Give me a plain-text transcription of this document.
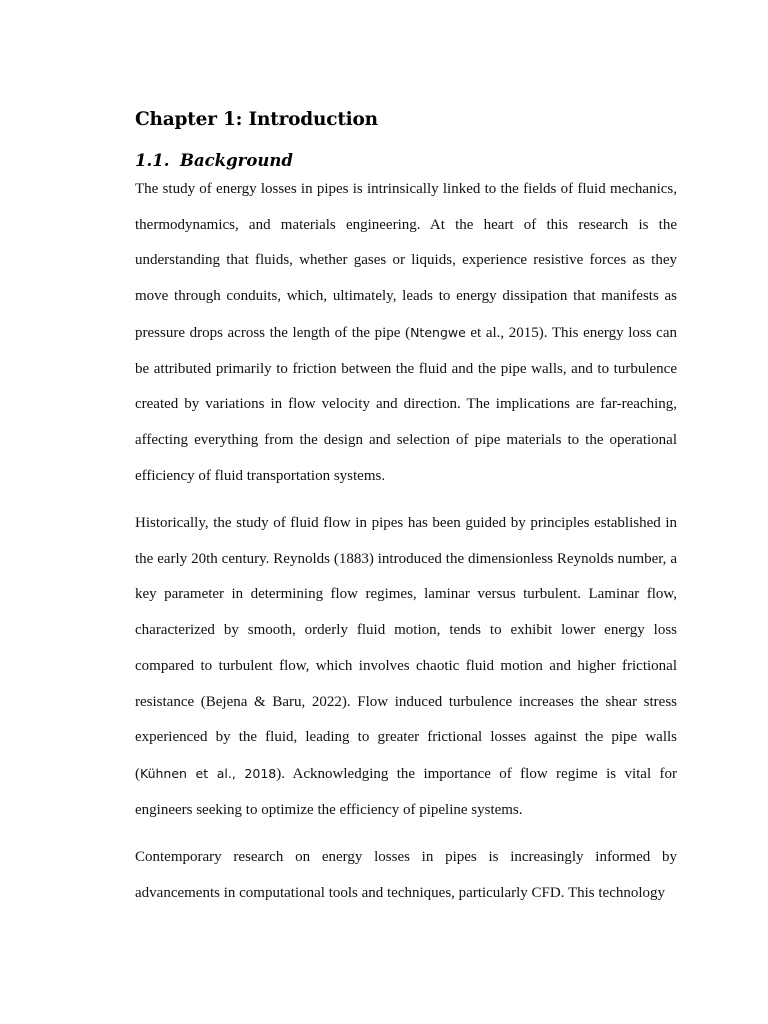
Chapter 1: Introduction
1.1. Background

The study of energy losses in pipes is intrinsically linked to the fields of fluid mechanics, thermodynamics, and materials engineering. At the heart of this research is the understanding that fluids, whether gases or liquids, experience resistive forces as they move through conduits, which, ultimately, leads to energy dissipation that manifests as pressure drops across the length of the pipe (Ntengwe et al., 2015). This energy loss can be attributed primarily to friction between the fluid and the pipe walls, and to turbulence created by variations in flow velocity and direction. The implications are far-reaching, affecting everything from the design and selection of pipe materials to the operational efficiency of fluid transportation systems.

Historically, the study of fluid flow in pipes has been guided by principles established in the early 20th century. Reynolds (1883) introduced the dimensionless Reynolds number, a key parameter in determining flow regimes, laminar versus turbulent. Laminar flow, characterized by smooth, orderly fluid motion, tends to exhibit lower energy loss compared to turbulent flow, which involves chaotic fluid motion and higher frictional resistance (Bejena & Baru, 2022). Flow induced turbulence increases the shear stress experienced by the fluid, leading to greater frictional losses against the pipe walls (Kühnen et al., 2018). Acknowledging the importance of flow regime is vital for engineers seeking to optimize the efficiency of pipeline systems.

Contemporary research on energy losses in pipes is increasingly informed by advancements in computational tools and techniques, particularly CFD. This technology
